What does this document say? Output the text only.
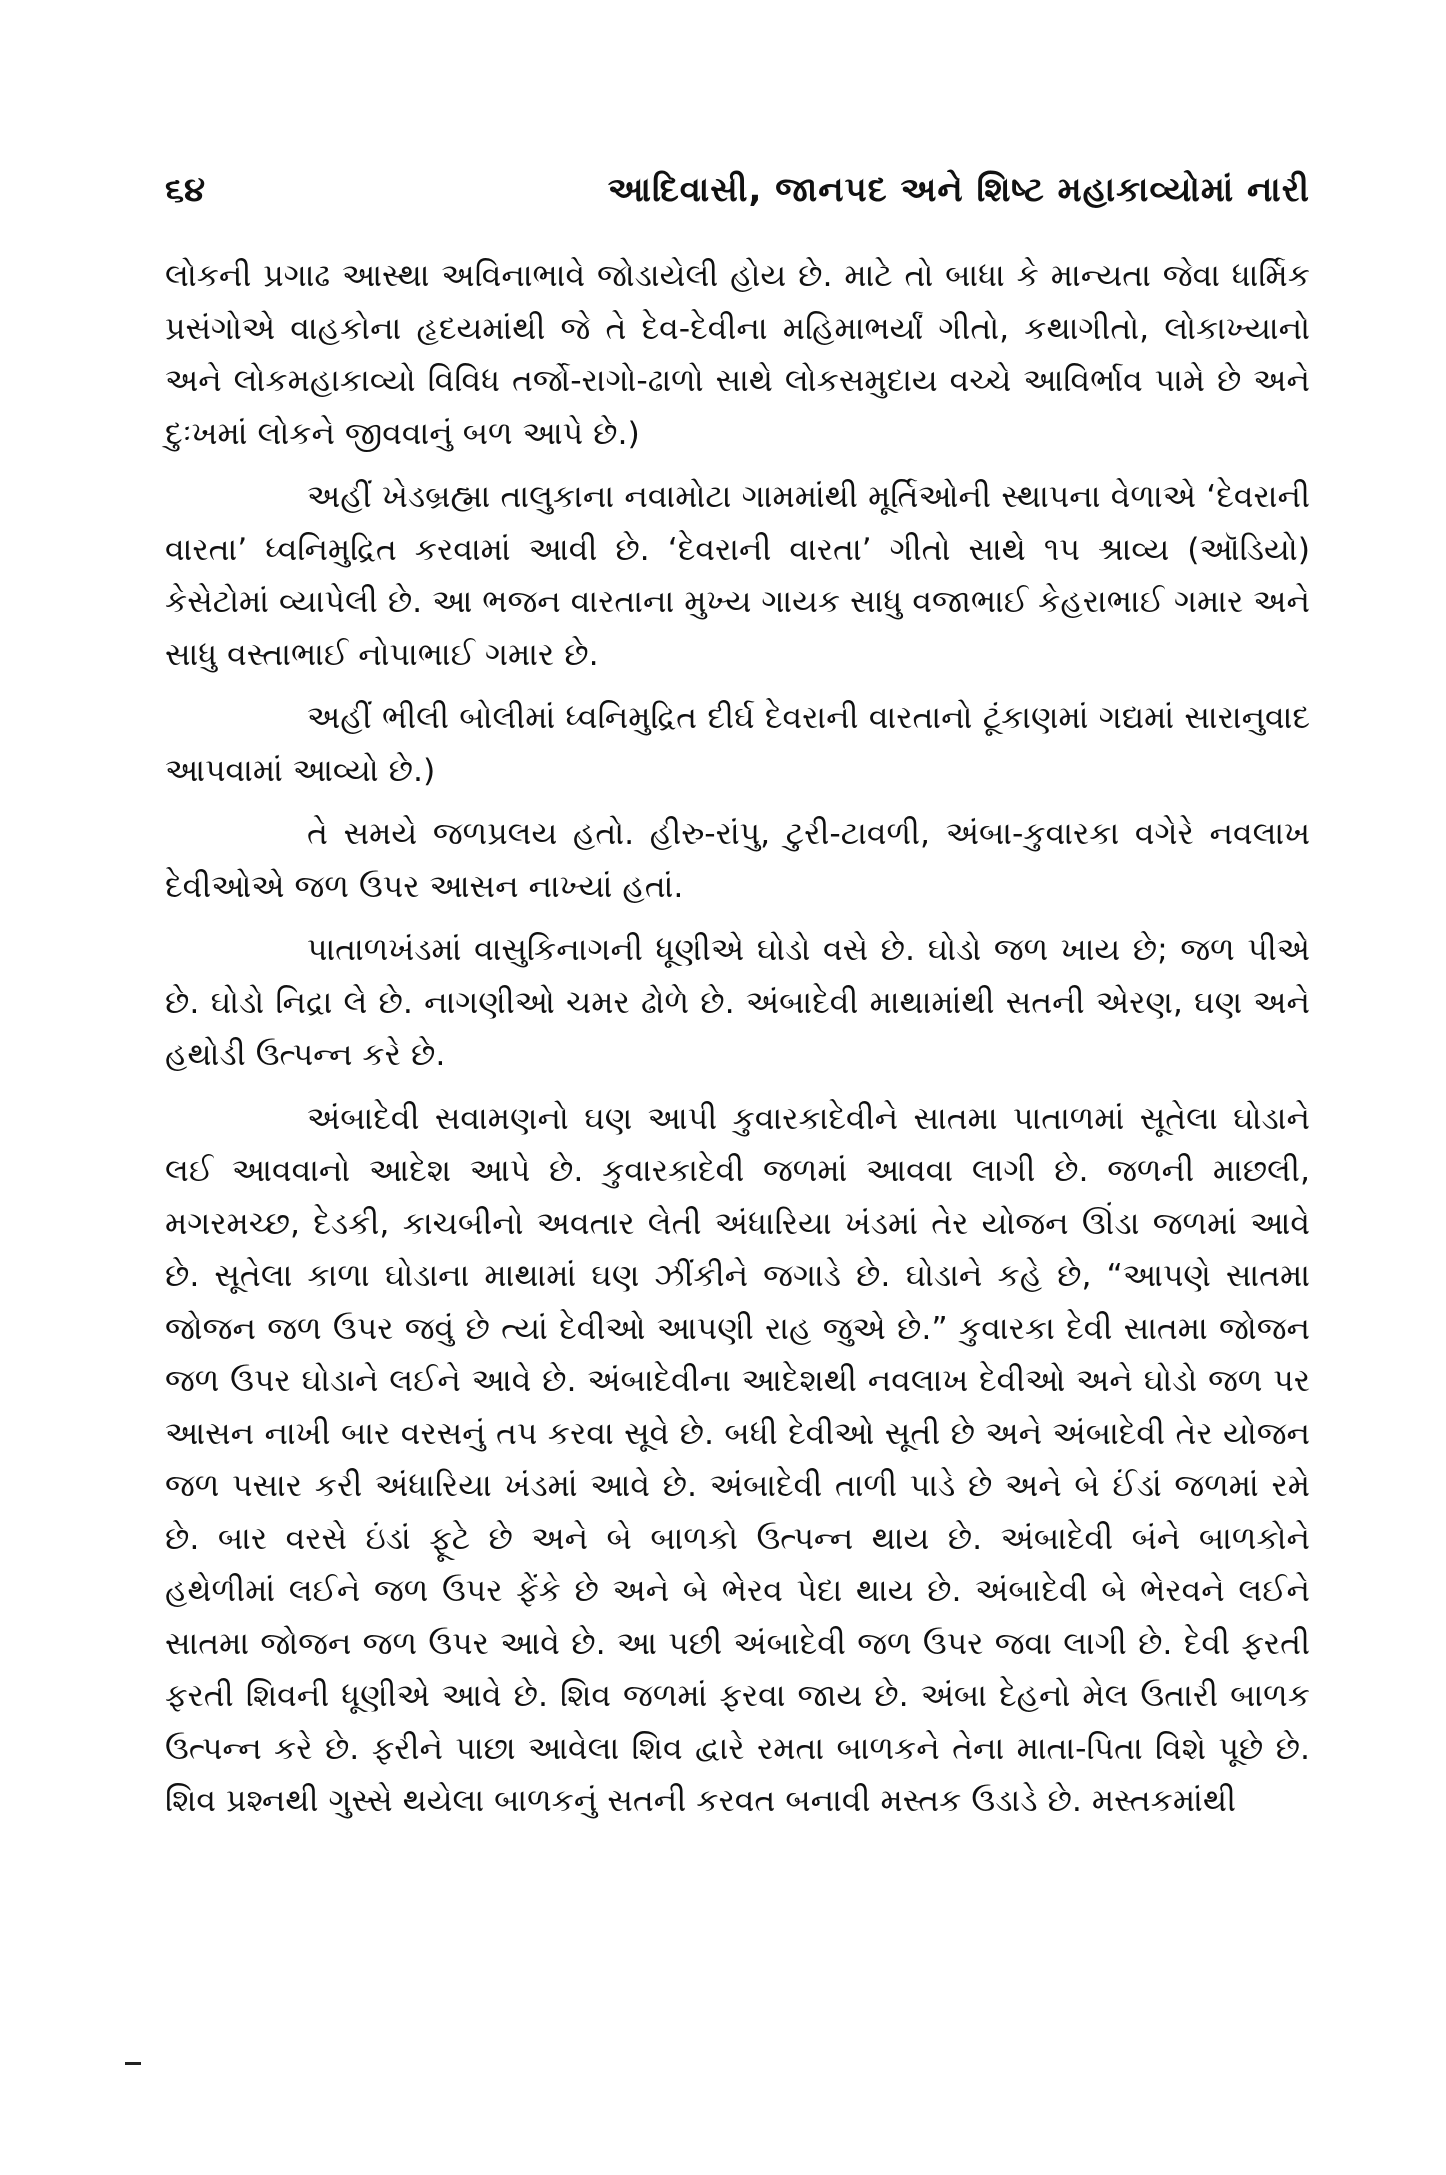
૬૪	આદિવાસી, જાનપદ અને શિષ્ટ મહાકાવ્યોમાં નારી

લોકની પ્રગાઢ આસ્થા અવિનાભાવે જોડાયેલી હોય છે. માટે તો બાધા કે માન્યતા જેવા ધાર્મિક પ્રસંગોએ વાહકોના હૃદયમાંથી જે તે દેવ-દેવીના મહિમાભર્યાં ગીતો, કથાગીતો, લોકાખ્યાનો અને લોકમહાકાવ્યો વિવિધ તર્જો-રાગો-ઢાળો સાથે લોકસમુદાય વચ્ચે આવિર્ભાવ પામે છે અને દુઃખમાં લોકને જીવવાનું બળ આપે છે.)

અહીં ખેડબ્રહ્મા તાલુકાના નવામોટા ગામમાંથી મૂર્તિઓની સ્થાપના વેળાએ ‘દેવરાની વારતા’ ધ્વનિમુદ્રિત કરવામાં આવી છે. ‘દેવરાની વારતા’ ગીતો સાથે ૧૫ શ્રાવ્ય (ઑડિયો) કેસેટોમાં વ્યાપેલી છે. આ ભજન વારતાના મુખ્ય ગાયક સાધુ વજાભાઈ કેહરાભાઈ ગમાર અને સાધુ વસ્તાભાઈ નોપાભાઈ ગમાર છે.

અહીં ભીલી બોલીમાં ધ્વનિમુદ્રિત દીર્ઘ દેવરાની વારતાનો ટૂંકાણમાં ગદ્યમાં સારાનુવાદ આપવામાં આવ્યો છે.)

તે સમયે જળપ્રલય હતો. હીરુ-રાંપુ, ટુરી-ટાવળી, અંબા-કુવારકા વગેરે નવલાખ દેવીઓએ જળ ઉપર આસન નાખ્યાં હતાં.

પાતાળખંડમાં વાસુકિનાગની ધૂણીએ ઘોડો વસે છે. ઘોડો જળ ખાય છે; જળ પીએ છે. ઘોડો નિદ્રા લે છે. નાગણીઓ ચમર ઢોળે છે. અંબાદેવી માથામાંથી સતની એરણ, ઘણ અને હથોડી ઉત્પન્ન કરે છે.

અંબાદેવી સવામણનો ઘણ આપી કુવારકાદેવીને સાતમા પાતાળમાં સૂતેલા ઘોડાને લઈ આવવાનો આદેશ આપે છે. કુવારકાદેવી જળમાં આવવા લાગી છે. જળની માછલી, મગરમચ્છ, દેડકી, કાચબીનો અવતાર લેતી અંધારિયા ખંડમાં તેર યોજન ઊંડા જળમાં આવે છે. સૂતેલા કાળા ઘોડાના માથામાં ઘણ ઝીંકીને જગાડે છે. ઘોડાને કહે છે, “આપણે સાતમા જોજન જળ ઉપર જવું છે ત્યાં દેવીઓ આપણી રાહ જુએ છે.” કુવારકા દેવી સાતમા જોજન જળ ઉપર ઘોડાને લઈને આવે છે. અંબાદેવીના આદેશથી નવલાખ દેવીઓ અને ઘોડો જળ પર આસન નાખી બાર વરસનું તપ કરવા સૂવે છે. બધી દેવીઓ સૂતી છે અને અંબાદેવી તેર યોજન જળ પસાર કરી અંધારિયા ખંડમાં આવે છે. અંબાદેવી તાળી પાડે છે અને બે ઈંડાં જળમાં રમે છે. બાર વરસે ઇંડાં ફૂટે છે અને બે બાળકો ઉત્પન્ન થાય છે. અંબાદેવી બંને બાળકોને હથેળીમાં લઈને જળ ઉપર ફેંકે છે અને બે ભેરવ પેદા થાય છે. અંબાદેવી બે ભેરવને લઈને સાતમા જોજન જળ ઉપર આવે છે. આ પછી અંબાદેવી જળ ઉપર જવા લાગી છે. દેવી ફરતી ફરતી શિવની ધૂણીએ આવે છે. શિવ જળમાં ફરવા જાય છે. અંબા દેહનો મેલ ઉતારી બાળક ઉત્પન્ન કરે છે. ફરીને પાછા આવેલા શિવ દ્વારે રમતા બાળકને તેના માતા-પિતા વિશે પૂછે છે. શિવ પ્રશ્નથી ગુસ્સે થયેલા બાળકનું સતની કરવત બનાવી મસ્તક ઉડાડે છે. મસ્તકમાંથી
